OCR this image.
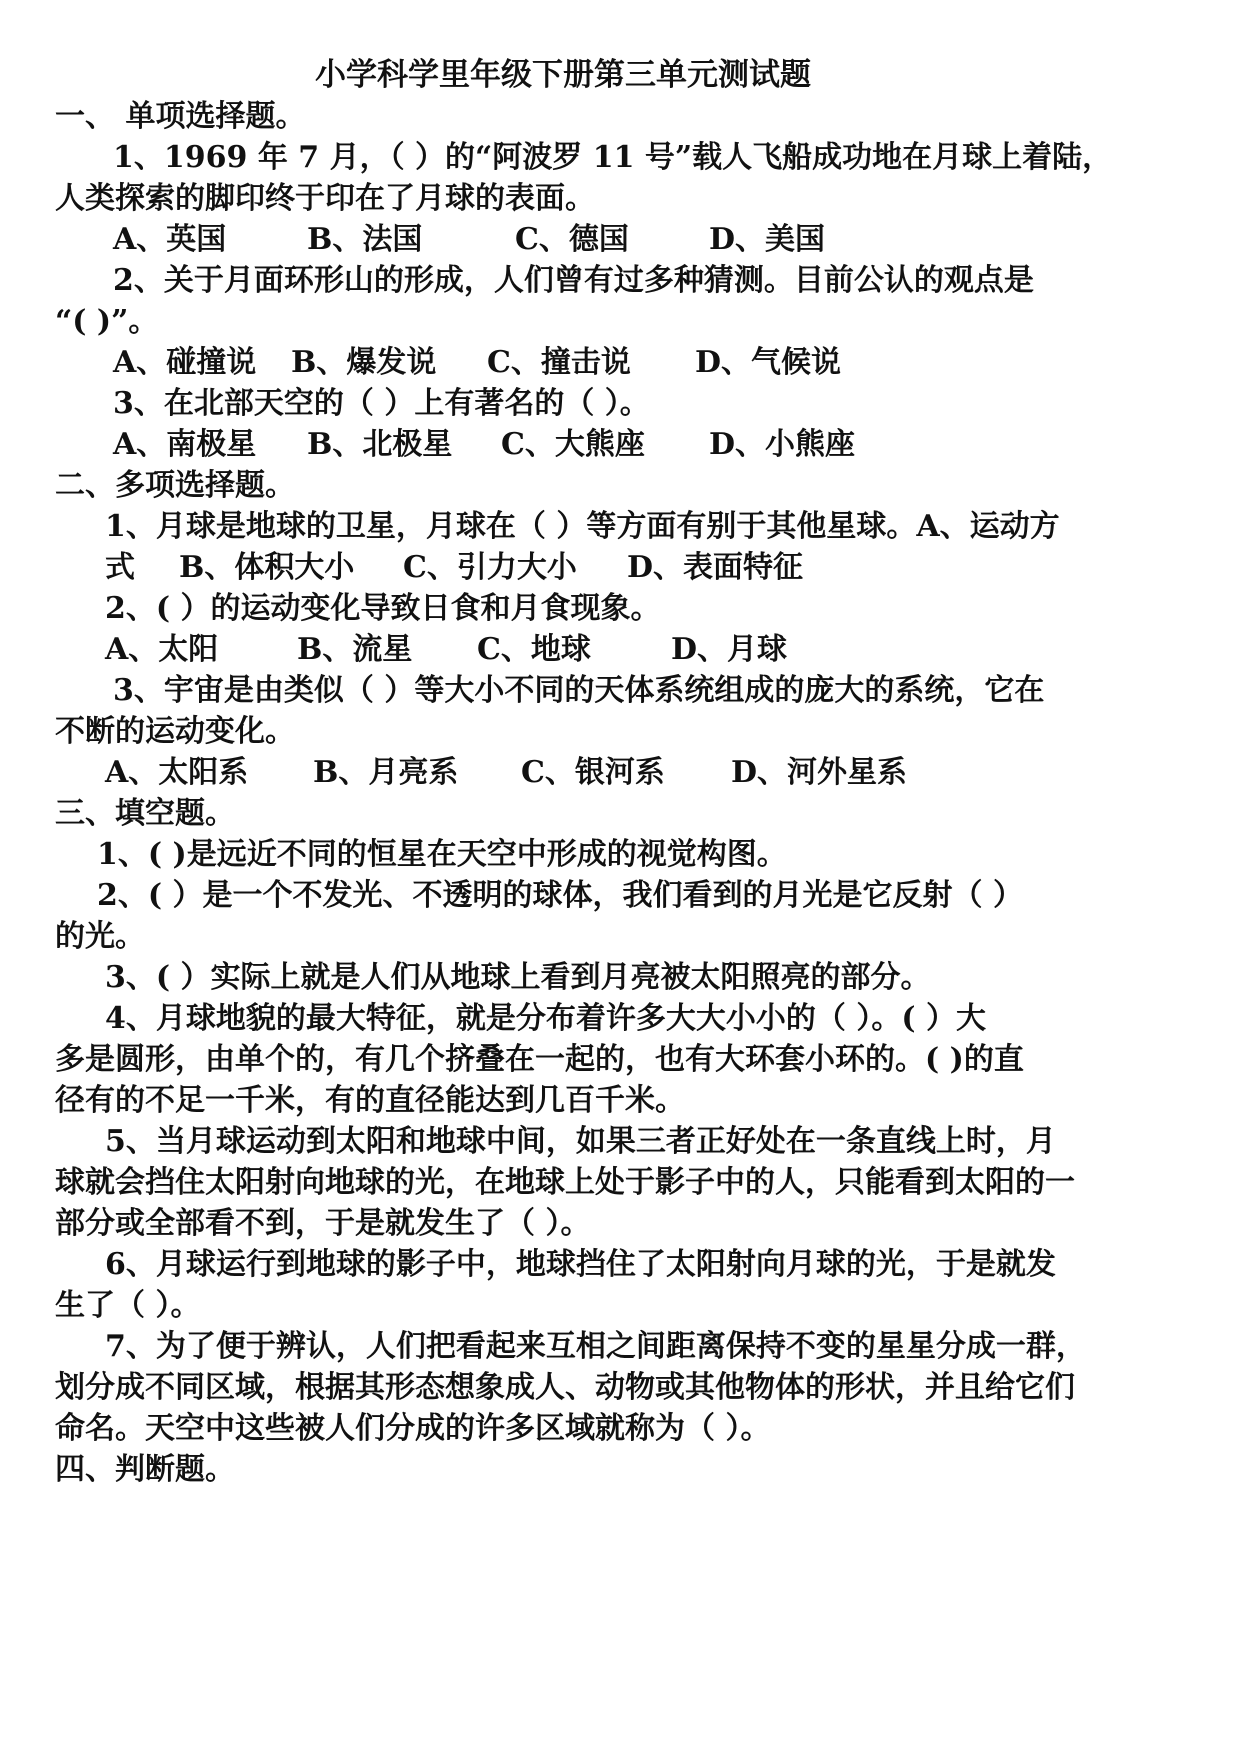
小学科学里年级下册第三单元测试题
一、 单项选择题。
1、1969 年 7 月，（ ）的“阿波罗 11 号”载人飞船成功地在月球上着陆，
人类探索的脚印终于印在了月球的表面。
A、英国	B、法国	C、德国	D、美国
2、关于月面环形山的形成，人们曾有过多种猜测。目前公认的观点是
“( )”。
A、碰撞说 B、爆发说 C、撞击说 D、气候说
3、在北部天空的（ ）上有著名的（ ）。
A、南极星 B、北极星 C、大熊座 D、小熊座
二、多项选择题。
1、月球是地球的卫星，月球在（ ）等方面有别于其他星球。A、运动方
式 B、体积大小 C、引力大小 D、表面特征
2、( ）的运动变化导致日食和月食现象。
A、太阳	B、流星 C、地球	D、月球
3、宇宙是由类似（ ）等大小不同的天体系统组成的庞大的系统，它在
不断的运动变化。
A、太阳系 B、月亮系 C、银河系 D、河外星系
三、填空题。
1、( )是远近不同的恒星在天空中形成的视觉构图。
2、( ）是一个不发光、不透明的球体，我们看到的月光是它反射（ ）
的光。
3、( ）实际上就是人们从地球上看到月亮被太阳照亮的部分。
4、月球地貌的最大特征，就是分布着许多大大小小的（ ）。( ）大
多是圆形，由单个的，有几个挤叠在一起的，也有大环套小环的。( )的直
径有的不足一千米，有的直径能达到几百千米。
5、当月球运动到太阳和地球中间，如果三者正好处在一条直线上时，月
球就会挡住太阳射向地球的光，在地球上处于影子中的人，只能看到太阳的一
部分或全部看不到，于是就发生了（ ）。
6、月球运行到地球的影子中，地球挡住了太阳射向月球的光，于是就发
生了（ ）。
7、为了便于辨认，人们把看起来互相之间距离保持不变的星星分成一群，
划分成不同区域，根据其形态想象成人、动物或其他物体的形状，并且给它们
命名。天空中这些被人们分成的许多区域就称为（ ）。
四、判断题。
